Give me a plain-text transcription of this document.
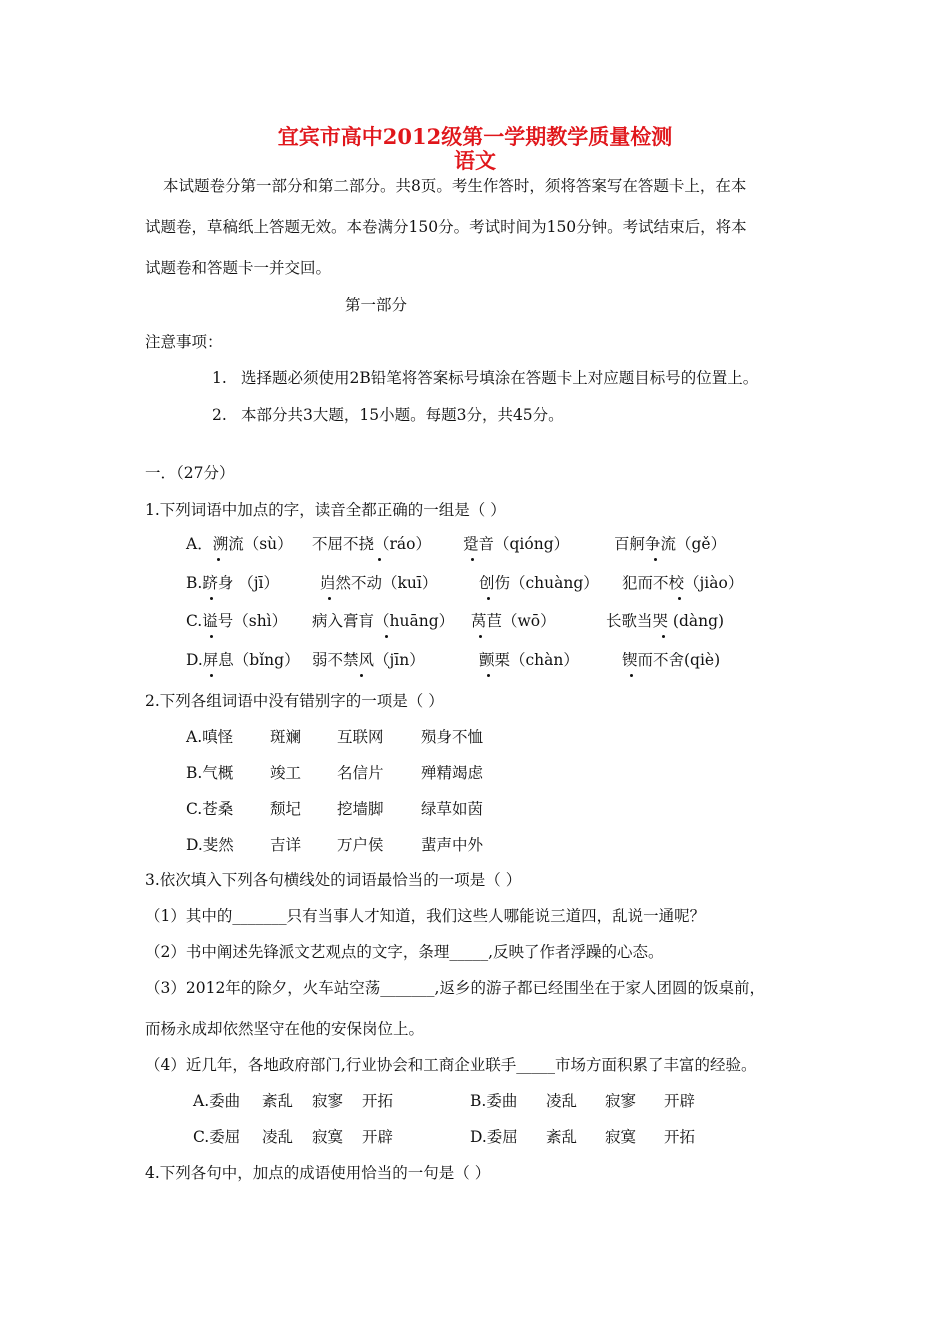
宜宾市高中2012级第一学期教学质量检测
语文
本试题卷分第一部分和第二部分。共8页。考生作答时，须将答案写在答题卡上，在本
试题卷，草稿纸上答题无效。本卷满分150分。考试时间为150分钟。考试结束后，将本
试题卷和答题卡一并交回。
第一部分
注意事项：
1. 选择题必须使用2B铅笔将答案标号填涂在答题卡上对应题目标号的位置上。
2. 本部分共3大题，15小题。每题3分，共45分。
一．（27分）
1.下列词语中加点的字，读音全都正确的一组是（ ）
A．溯流（sù） 不屈不挠（ráo） 跫音（qióng）	百舸争流（gě）
B.跻身 （jī）	岿然不动（kuī）	创伤（chuàng） 犯而不校（jiào）
C.谥号（shì） 病入膏肓（huāng） 莴苣（wō）	长歌当哭 (dàng)
D.屏息（bǐng） 弱不禁风（jīn）	颤栗（chàn）	锲而不舍(qiè)
2.下列各组词语中没有错别字的一项是（ ）
A.嗔怪 斑斓 互联网 殒身不恤
B.气概 竣工 名信片 殚精竭虑
C.苍桑 颓圮 挖墙脚 绿草如茵
D.斐然 吉详 万户侯 蜚声中外
3.依次填入下列各句横线处的词语最恰当的一项是（ ）
（1）其中的_______只有当事人才知道，我们这些人哪能说三道四，乱说一通呢？
（2）书中阐述先锋派文艺观点的文字，条理_____,反映了作者浮躁的心态。
（3）2012年的除夕，火车站空荡_______,返乡的游子都已经围坐在于家人团圆的饭桌前，
而杨永成却依然坚守在他的安保岗位上。
（4）近几年，各地政府部门,行业协会和工商企业联手_____市场方面积累了丰富的经验。
A.委曲 紊乱 寂寥 开拓	B.委曲 凌乱 寂寥 开辟
C.委屈 凌乱 寂寞 开辟	D.委屈 紊乱 寂寞 开拓
4.下列各句中，加点的成语使用恰当的一句是（ ）
